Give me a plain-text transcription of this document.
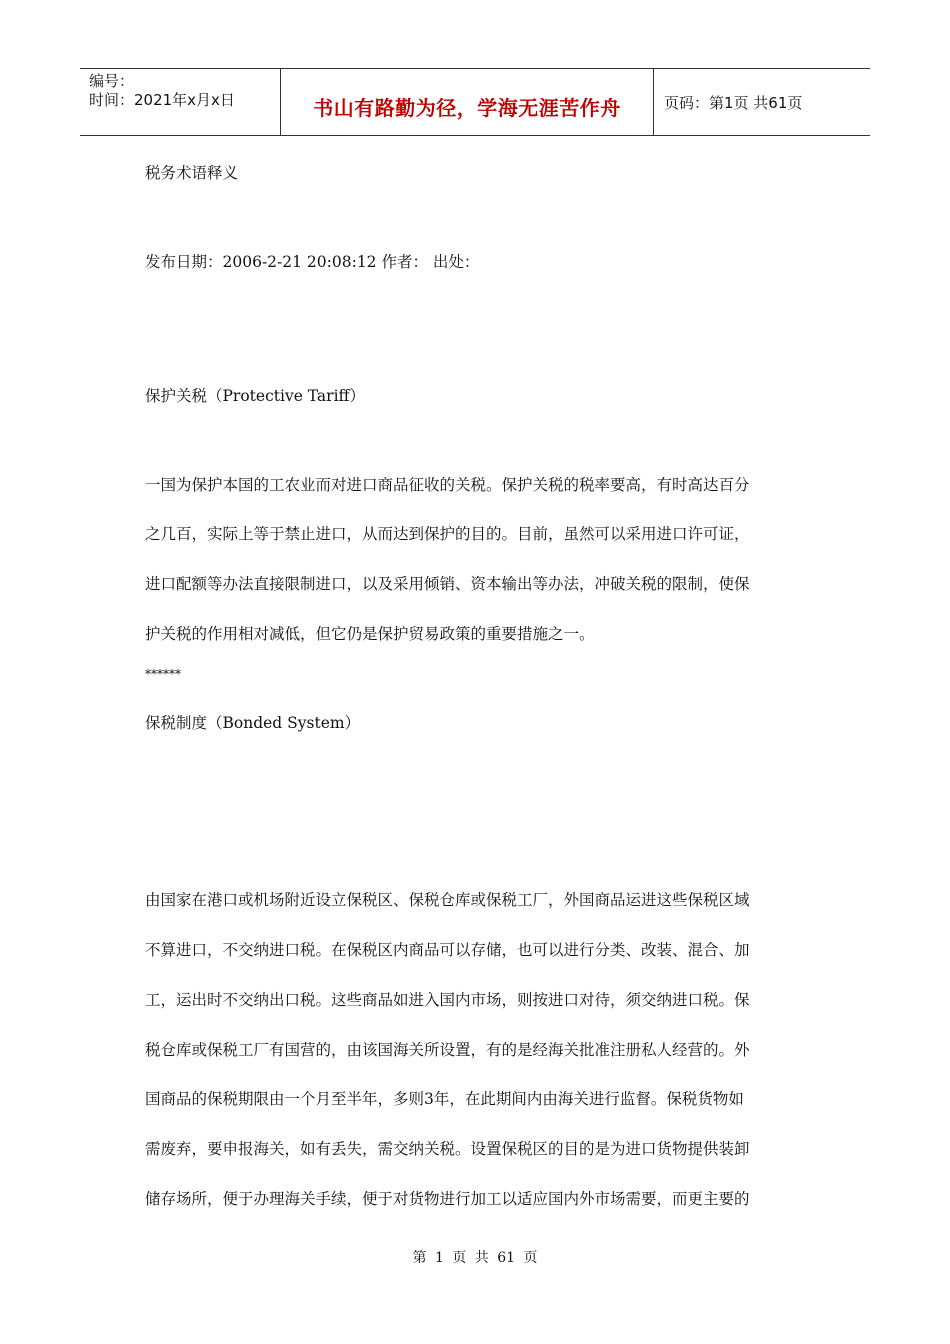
编号：
时间：2021年x月x日	书山有路勤为径，学海无涯苦作舟	页码：第1页 共61页
税务术语释义
发布日期：2006-2-21 20:08:12 作者： 出处：
保护关税（Protective Tariff）
一国为保护本国的工农业而对进口商品征收的关税。保护关税的税率要高，有时高达百分
之几百，实际上等于禁止进口，从而达到保护的目的。目前，虽然可以采用进口许可证，
进口配额等办法直接限制进口，以及采用倾销、资本输出等办法，冲破关税的限制，使保
护关税的作用相对减低，但它仍是保护贸易政策的重要措施之一。
******
保税制度（Bonded System）
由国家在港口或机场附近设立保税区、保税仓库或保税工厂，外国商品运进这些保税区域
不算进口，不交纳进口税。在保税区内商品可以存储，也可以进行分类、改装、混合、加
工，运出时不交纳出口税。这些商品如进入国内市场，则按进口对待，须交纳进口税。保
税仓库或保税工厂有国营的，由该国海关所设置，有的是经海关批准注册私人经营的。外
国商品的保税期限由一个月至半年，多则3年，在此期间内由海关进行监督。保税货物如
需废弃，要申报海关，如有丢失，需交纳关税。设置保税区的目的是为进口货物提供装卸
储存场所，便于办理海关手续，便于对货物进行加工以适应国内外市场需要，而更主要的
第 1 页 共 61 页
